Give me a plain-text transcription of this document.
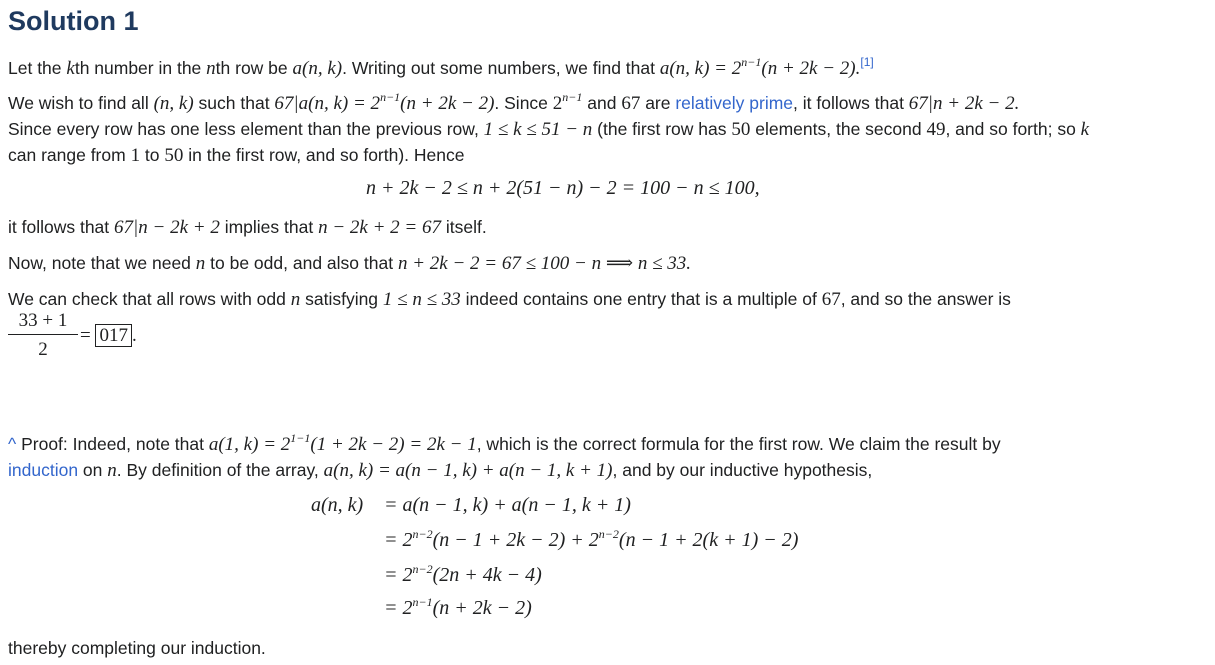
Solution 1
Let the kth number in the nth row be a(n, k). Writing out some numbers, we find that a(n, $k) = 2^{n-1}(n + 2k - 2).[1]$
We wish to find all (n, k) such that 67|a(n, $k) = 2^{n-1}(n + 2k - 2)$. Since $2^{n-1}$ and 67 are relatively prime, it follows that 67|n + 2k − 2.
Since every row has one less element than the previous row, 1 ≤ k ≤ 51 − n (the first row has 50 elements, the second 49, and so forth; so k
can range from 1 to 50 in the first row, and so forth). Hence
n + 2k − 2 ≤ n + 2(51 − n) − 2 = 100 − n ≤ 100,
it follows that 67|n − 2k + 2 implies that n − 2k + 2 = 67 itself.
Now, note that we need n to be odd, and also that n + 2k − 2 = 67 ≤ 100 − n ⟹ n ≤ 33.
We can check that all rows with odd n satisfying 1 ≤ n ≤ 33 indeed contains one entry that is a multiple of 67, and so the answer is
$\frac{33 + 1}{2} = 017$ .
^ Proof: Indeed, note that a(1, $k) = 2^{1-1}(1 + 2k - 2) = 2k - 1$, which is the correct formula for the first row. We claim the result by
induction on n. By definition of the array, a(n, k) = a(n − 1, k) + a(n − 1, k + 1), and by our inductive hypothesis,
a(n, k) = a(n − 1, k) + a(n − 1, k + 1)
= $2^{n-2}(n - 1 + 2k - 2) + 2^{n-2}(n - 1 + 2(k + 1) - 2)$
= $2^{n-2}(2n + 4k - 4)$
= $2^{n-1}(n + 2k - 2)$
thereby completing our induction.
